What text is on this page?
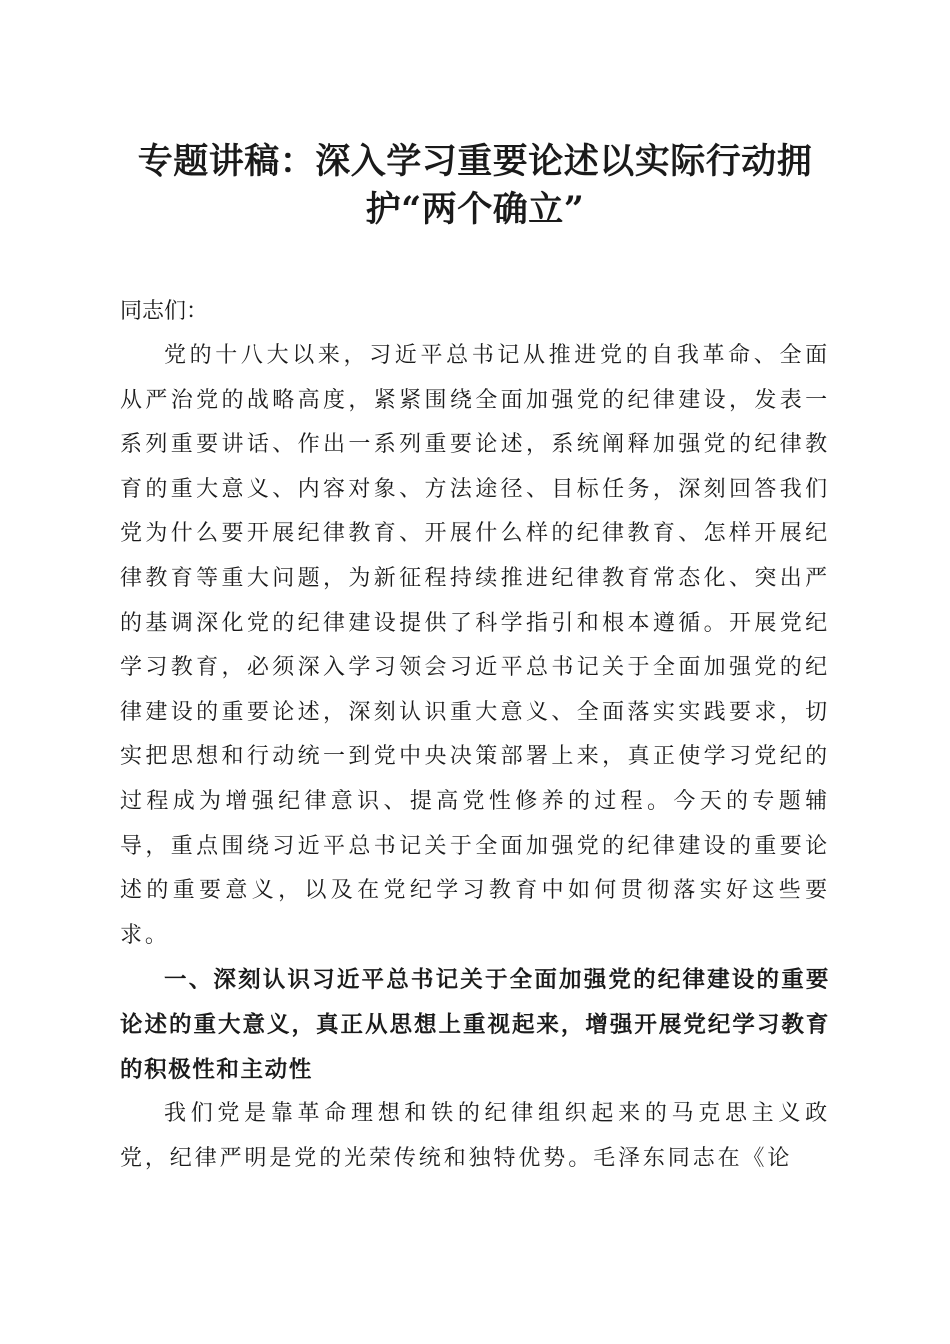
专题讲稿：深入学习重要论述以实际行动拥
护“两个确立”
同志们：

党的十八大以来，习近平总书记从推进党的自我革命、全面从严治党的战略高度，紧紧围绕全面加强党的纪律建设，发表一系列重要讲话、作出一系列重要论述，系统阐释加强党的纪律教育的重大意义、内容对象、方法途径、目标任务，深刻回答我们党为什么要开展纪律教育、开展什么样的纪律教育、怎样开展纪律教育等重大问题，为新征程持续推进纪律教育常态化、突出严的基调深化党的纪律建设提供了科学指引和根本遵循。开展党纪学习教育，必须深入学习领会习近平总书记关于全面加强党的纪律建设的重要论述，深刻认识重大意义、全面落实实践要求，切实把思想和行动统一到党中央决策部署上来，真正使学习党纪的过程成为增强纪律意识、提高党性修养的过程。今天的专题辅导，重点围绕习近平总书记关于全面加强党的纪律建设的重要论述的重要意义，以及在党纪学习教育中如何贯彻落实好这些要求。

一、深刻认识习近平总书记关于全面加强党的纪律建设的重要论述的重大意义，真正从思想上重视起来，增强开展党纪学习教育的积极性和主动性

我们党是靠革命理想和铁的纪律组织起来的马克思主义政党，纪律严明是党的光荣传统和独特优势。毛泽东同志在《论
